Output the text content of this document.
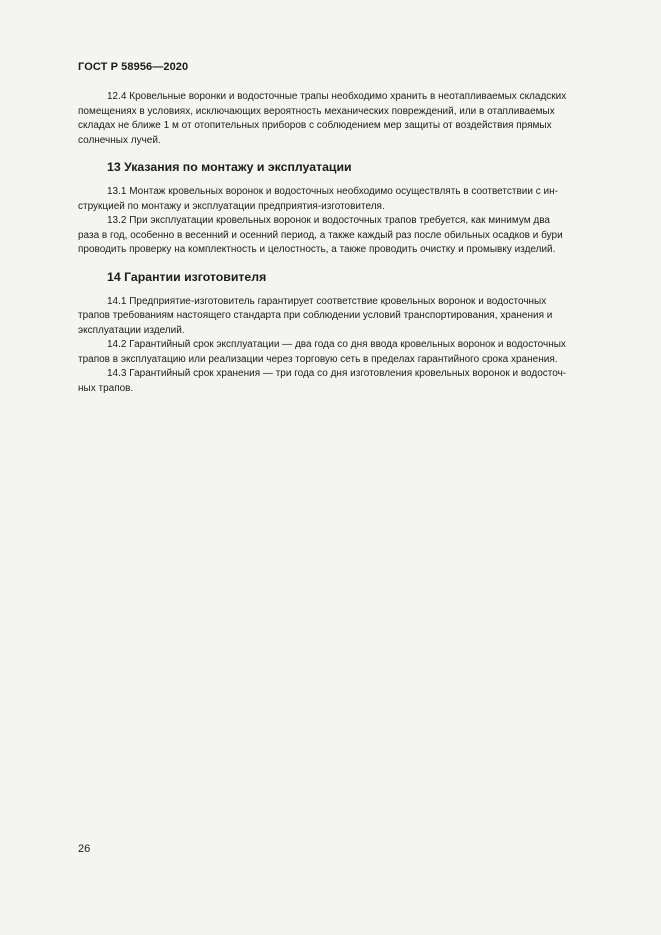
ГОСТ Р 58956—2020

12.4 Кровельные воронки и водосточные трапы необходимо хранить в неотапливаемых складских
помещениях в условиях, исключающих вероятность механических повреждений, или в отапливаемых
складах не ближе 1 м от отопительных приборов с соблюдением мер защиты от воздействия прямых
солнечных лучей.

13 Указания по монтажу и эксплуатации

13.1 Монтаж кровельных воронок и водосточных необходимо осуществлять в соответствии с ин-
струкцией по монтажу и эксплуатации предприятия-изготовителя.

13.2 При эксплуатации кровельных воронок и водосточных трапов требуется, как минимум два
раза в год, особенно в весенний и осенний период, а также каждый раз после обильных осадков и бури
проводить проверку на комплектность и целостность, а также проводить очистку и промывку изделий.

14 Гарантии изготовителя

14.1 Предприятие-изготовитель гарантирует соответствие кровельных воронок и водосточных
трапов требованиям настоящего стандарта при соблюдении условий транспортирования, хранения и
эксплуатации изделий.

14.2 Гарантийный срок эксплуатации — два года со дня ввода кровельных воронок и водосточных
трапов в эксплуатацию или реализации через торговую сеть в пределах гарантийного срока хранения.

14.3 Гарантийный срок хранения — три года со дня изготовления кровельных воронок и водосточ-
ных трапов.

26
